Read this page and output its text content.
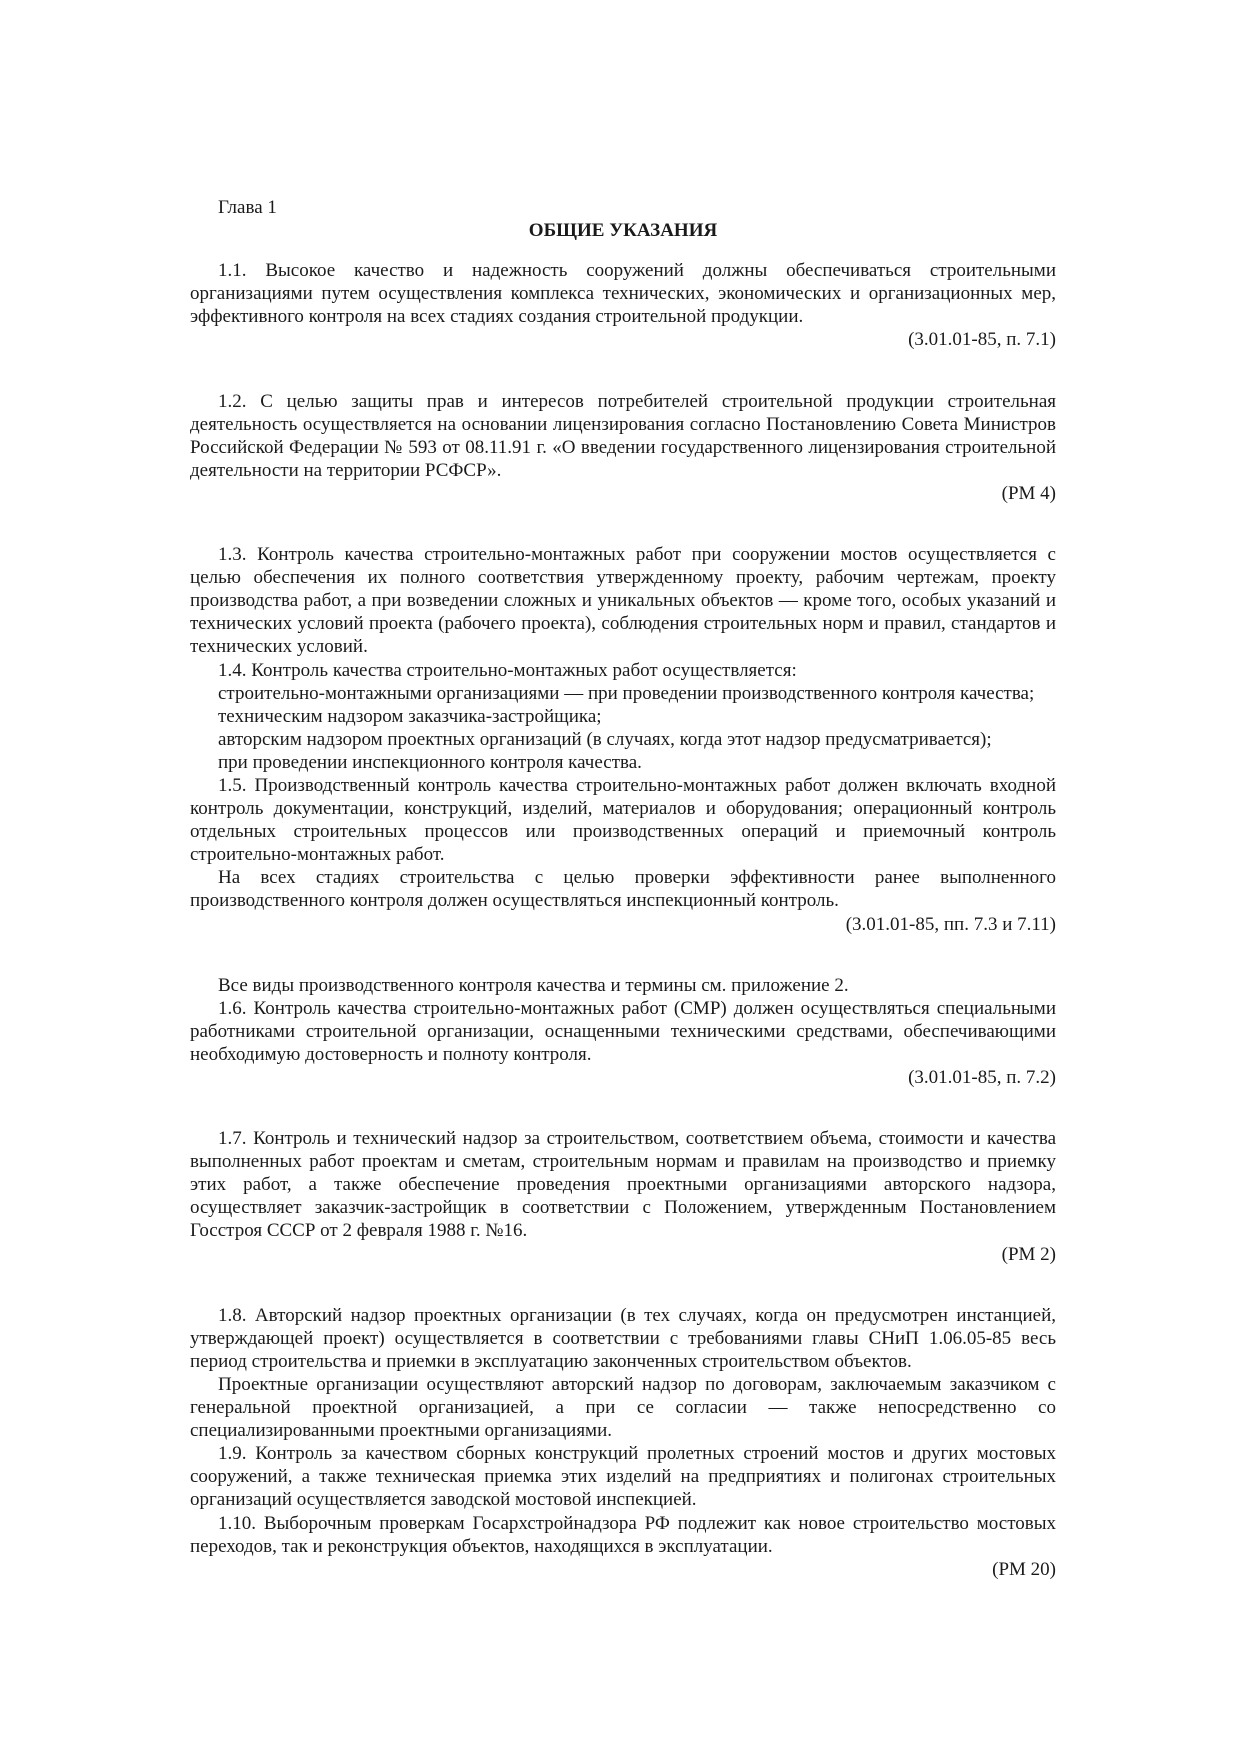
Глава 1

ОБЩИЕ УКАЗАНИЯ

1.1. Высокое качество и надежность сооружений должны обеспечиваться строительными организациями путем осуществления комплекса технических, экономических и организационных мер, эффективного контроля на всех стадиях создания строительной продукции.

(3.01.01-85, п. 7.1)

1.2. С целью защиты прав и интересов потребителей строительной продукции строительная деятельность осуществляется на основании лицензирования согласно Постановлению Совета Министров Российской Федерации № 593 от 08.11.91 г. «О введении государственного лицензирования строительной деятельности на территории РСФСР».

(РМ 4)

1.3. Контроль качества строительно-монтажных работ при сооружении мостов осуществляется с целью обеспечения их полного соответствия утвержденному проекту, рабочим чертежам, проекту производства работ, а при возведении сложных и уникальных объектов — кроме того, особых указаний и технических условий проекта (рабочего проекта), соблюдения строительных норм и правил, стандартов и технических условий.

1.4. Контроль качества строительно-монтажных работ осуществляется:

строительно-монтажными организациями — при проведении производственного контроля качества;

техническим надзором заказчика-застройщика;

авторским надзором проектных организаций (в случаях, когда этот надзор предусматривается);

при проведении инспекционного контроля качества.

1.5. Производственный контроль качества строительно-монтажных работ должен включать входной контроль документации, конструкций, изделий, материалов и оборудования; операционный контроль отдельных строительных процессов или производственных операций и приемочный контроль строительно-монтажных работ.

На всех стадиях строительства с целью проверки эффективности ранее выполненного производственного контроля должен осуществляться инспекционный контроль.

(3.01.01-85, пп. 7.3 и 7.11)

Все виды производственного контроля качества и термины см. приложение 2.

1.6. Контроль качества строительно-монтажных работ (СМР) должен осуществляться специальными работниками строительной организации, оснащенными техническими средствами, обеспечивающими необходимую достоверность и полноту контроля.

(3.01.01-85, п. 7.2)

1.7. Контроль и технический надзор за строительством, соответствием объема, стоимости и качества выполненных работ проектам и сметам, строительным нормам и правилам на производство и приемку этих работ, а также обеспечение проведения проектными организациями авторского надзора, осуществляет заказчик-застройщик в соответствии с Положением, утвержденным Постановлением Госстроя СССР от 2 февраля 1988 г. №16.

(РМ 2)

1.8. Авторский надзор проектных организации (в тех случаях, когда он предусмотрен инстанцией, утверждающей проект) осуществляется в соответствии с требованиями главы СНиП 1.06.05-85 весь период строительства и приемки в эксплуатацию законченных строительством объектов.

Проектные организации осуществляют авторский надзор по договорам, заключаемым заказчиком с генеральной проектной организацией, а при се согласии — также непосредственно со специализированными проектными организациями.

1.9. Контроль за качеством сборных конструкций пролетных строений мостов и других мостовых сооружений, а также техническая приемка этих изделий на предприятиях и полигонах строительных организаций осуществляется заводской мостовой инспекцией.

1.10. Выборочным проверкам Госархстройнадзора РФ подлежит как новое строительство мостовых переходов, так и реконструкция объектов, находящихся в эксплуатации.

(РМ 20)
